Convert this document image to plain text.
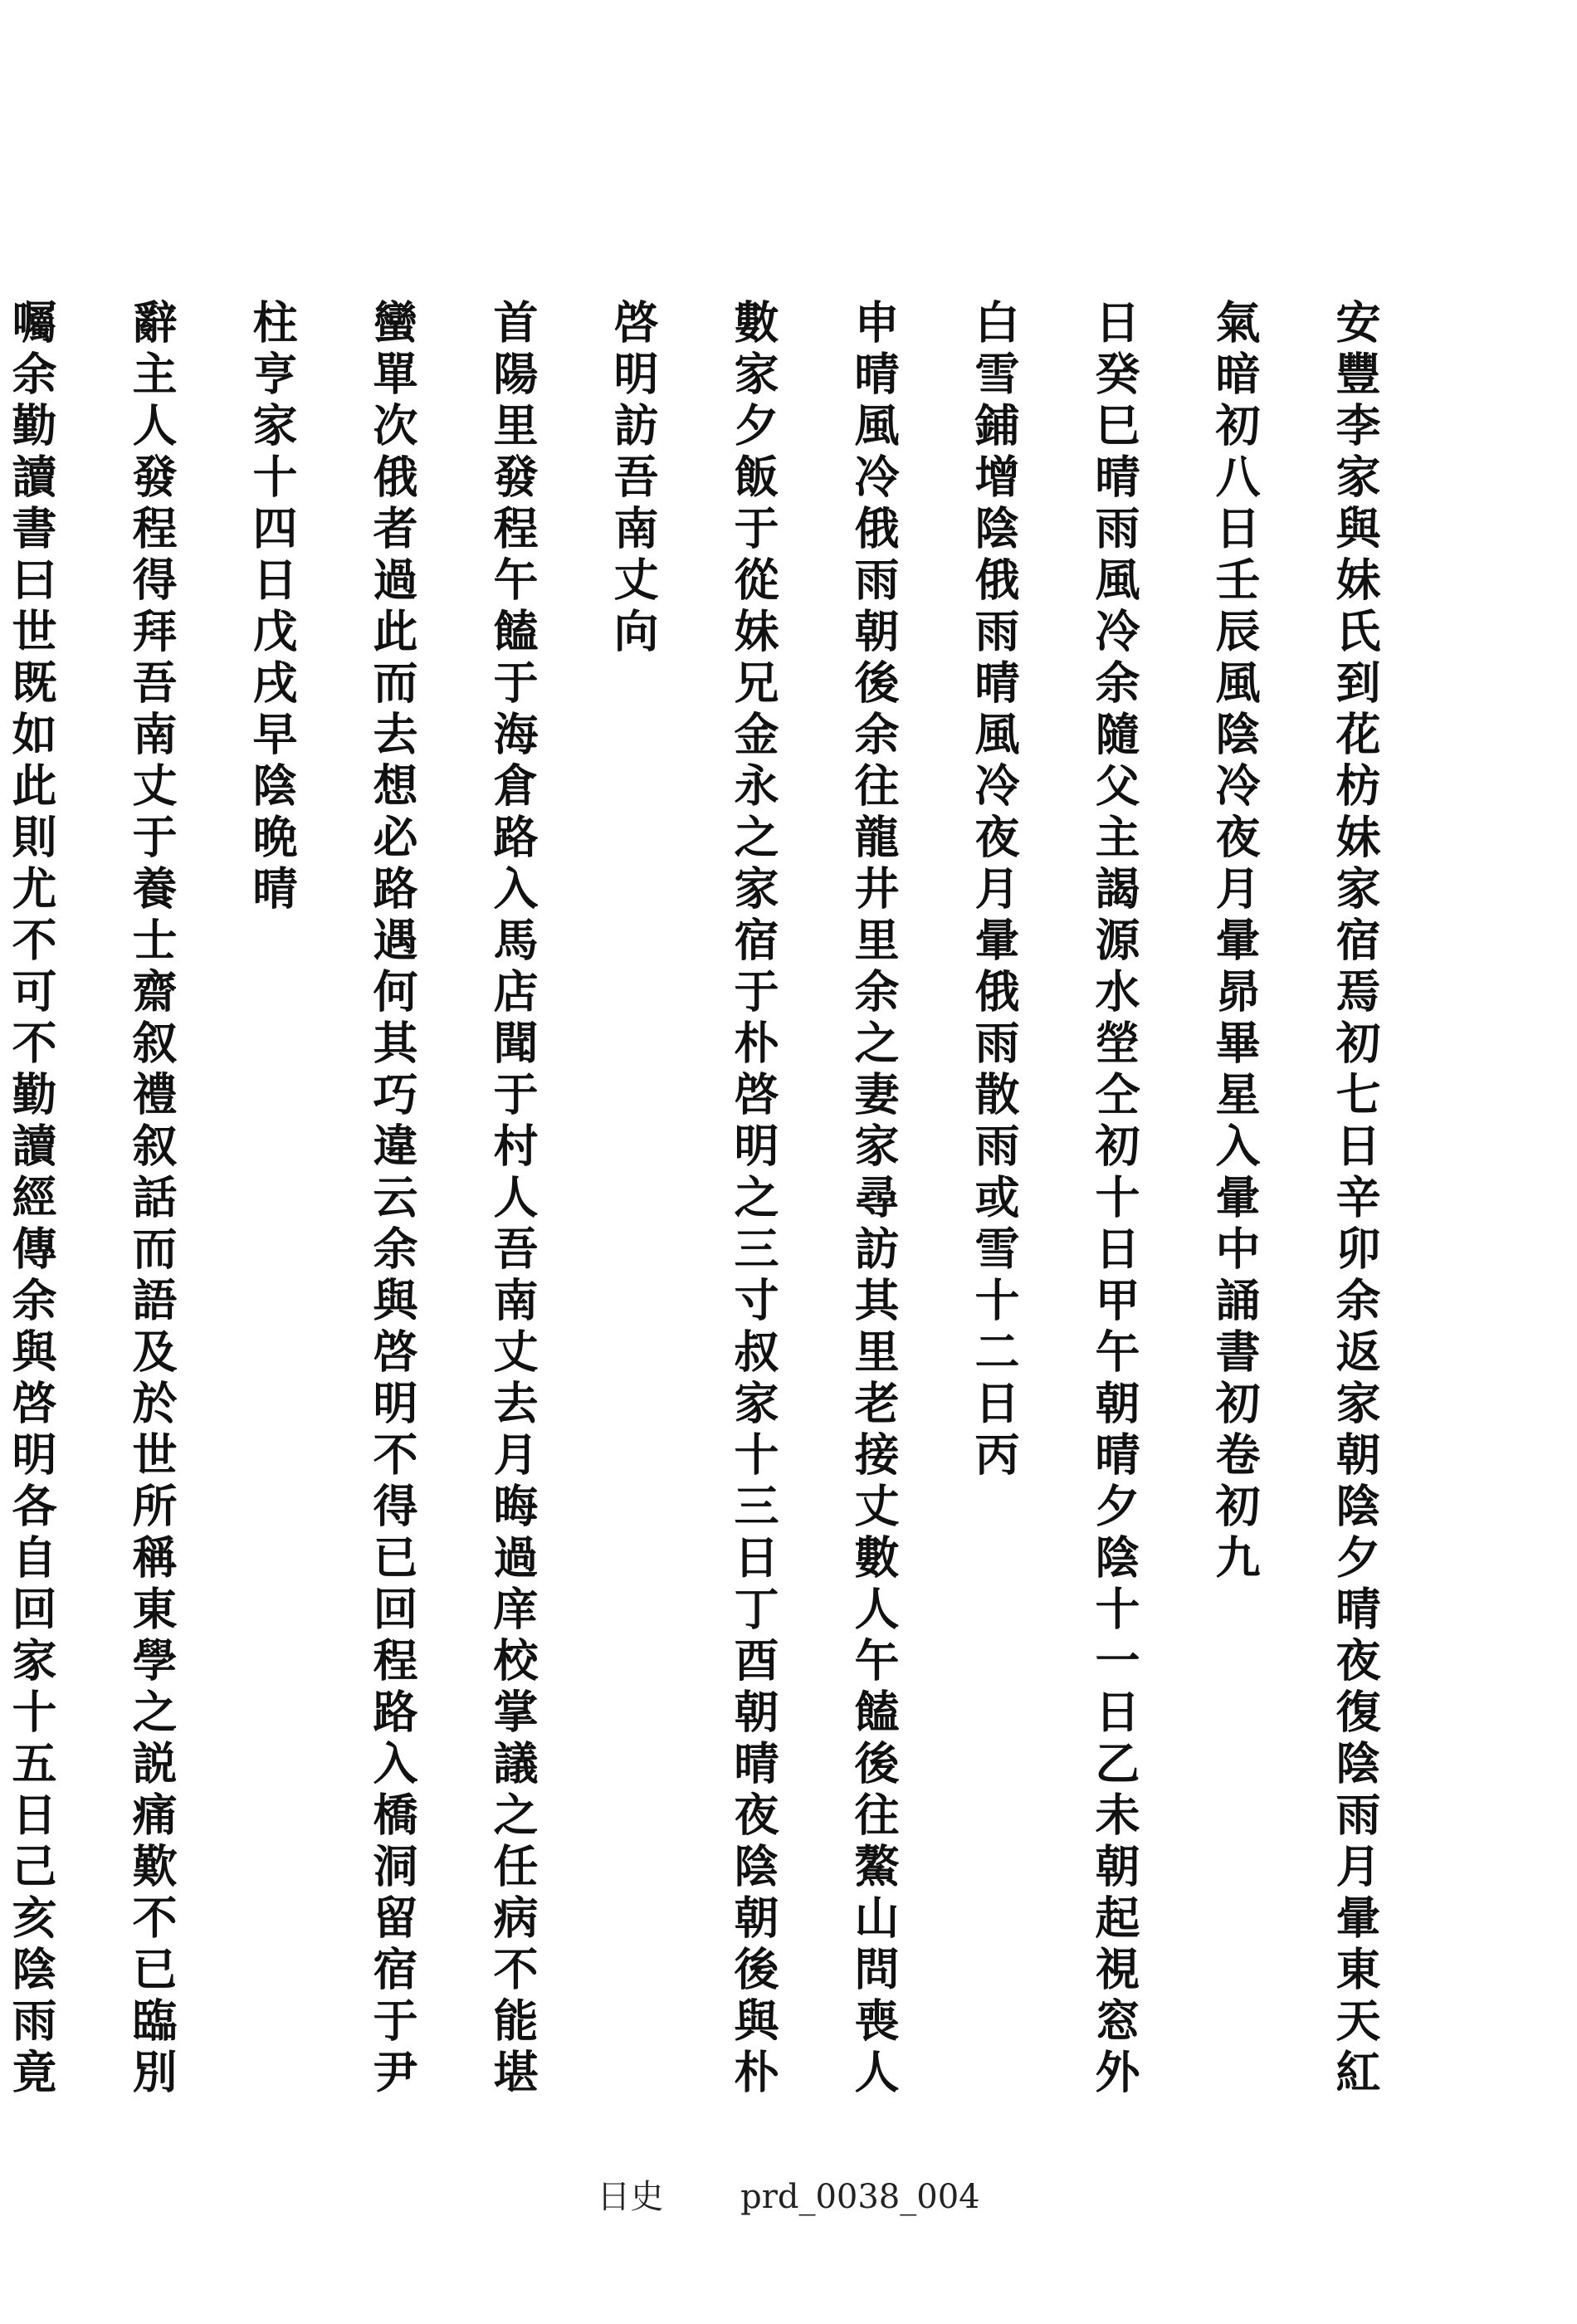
安豐李家與妹氏到花枋妹家宿焉初七日辛卯余返家朝陰夕晴夜復陰雨月暈東天紅氣暗初八日壬辰風陰冷夜月暈昴畢星入暈中誦書初卷初九
日癸巳晴雨風冷余隨父主謁源水塋仝初十日甲午朝晴夕陰十一日乙未朝起視窓外白雪鋪增陰俄雨晴風冷夜月暈俄雨散雨或雪十二日丙
申晴風冷俄雨朝後余往龍井里余之妻家尋訪其里老接丈數人午饁後往鰲山問喪人數家夕飯于從妹兄金永之家宿于朴啓明之三寸叔家十三日丁酉朝晴夜陰朝後與朴啓明訪吾南丈向
首陽里發程午饁于海倉路入馬店聞于村人吾南丈去月晦過庠校掌議之任病不能堪蠻單次俄者過此而去想必路遇何其巧違云余與啓明不得已回程路入橋洞留宿于尹柱亨家十四日戊戌早陰晩晴
辭主人發程得拜吾南丈于養士齋叙禮叙話而語及於世所稱東學之説痛歎不已臨別囑余勤讀書曰世既如此則尤不可不勤讀經傳余與啓明各自回家十五日己亥陰雨竟
日史 prd_0038_004
